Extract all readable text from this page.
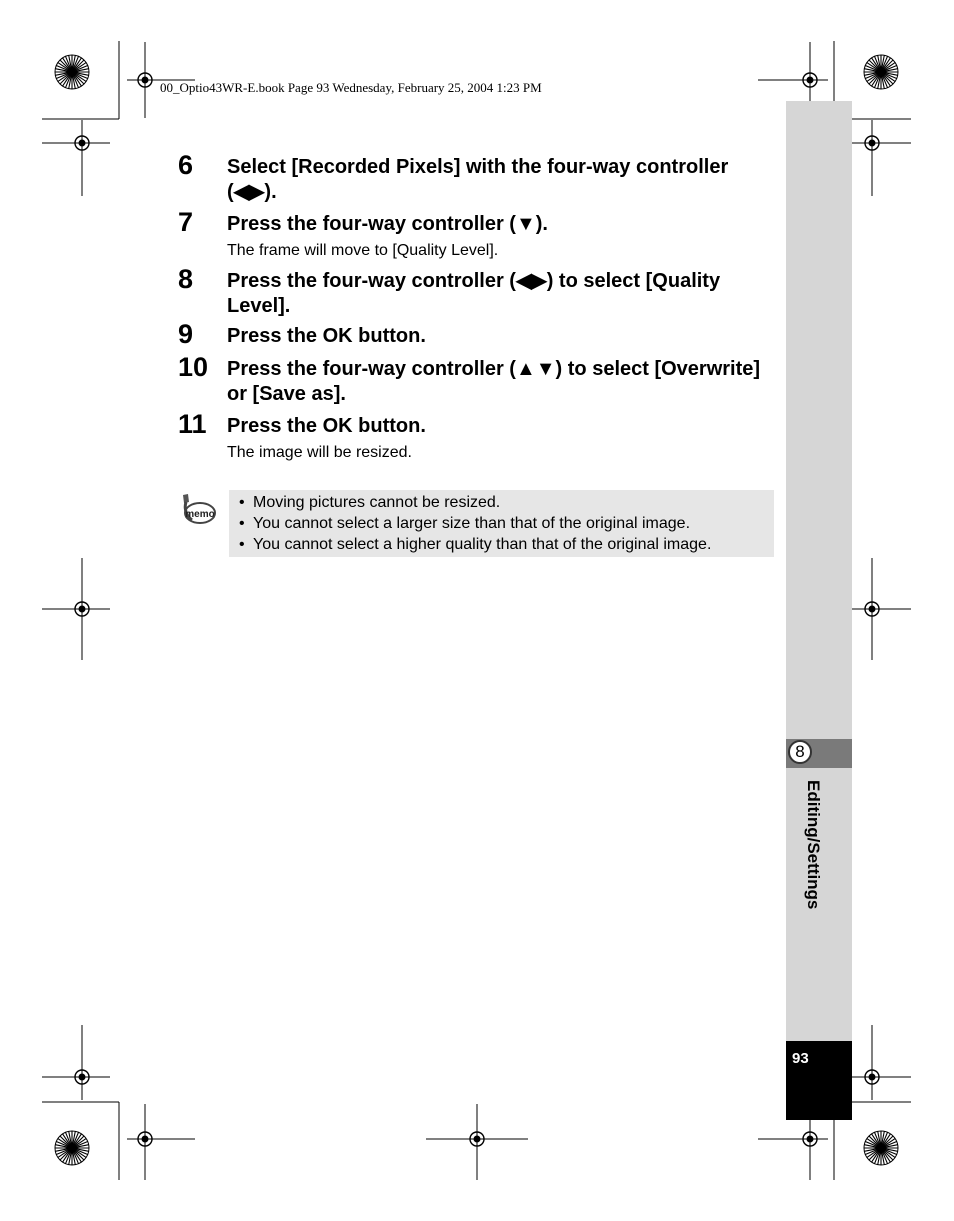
00_Optio43WR-E.book Page 93 Wednesday, February 25, 2004 1:23 PM
8
Editing/Settings
93
6 Select [Recorded Pixels] with the four-way controller (◀▶).
7 Press the four-way controller (▼).
The frame will move to [Quality Level].
8 Press the four-way controller (◀▶) to select [Quality Level].
9 Press the OK button.
10 Press the four-way controller (▲▼) to select [Overwrite] or [Save as].
11 Press the OK button.
The image will be resized.
memo
• Moving pictures cannot be resized.
• You cannot select a larger size than that of the original image.
• You cannot select a higher quality than that of the original image.
